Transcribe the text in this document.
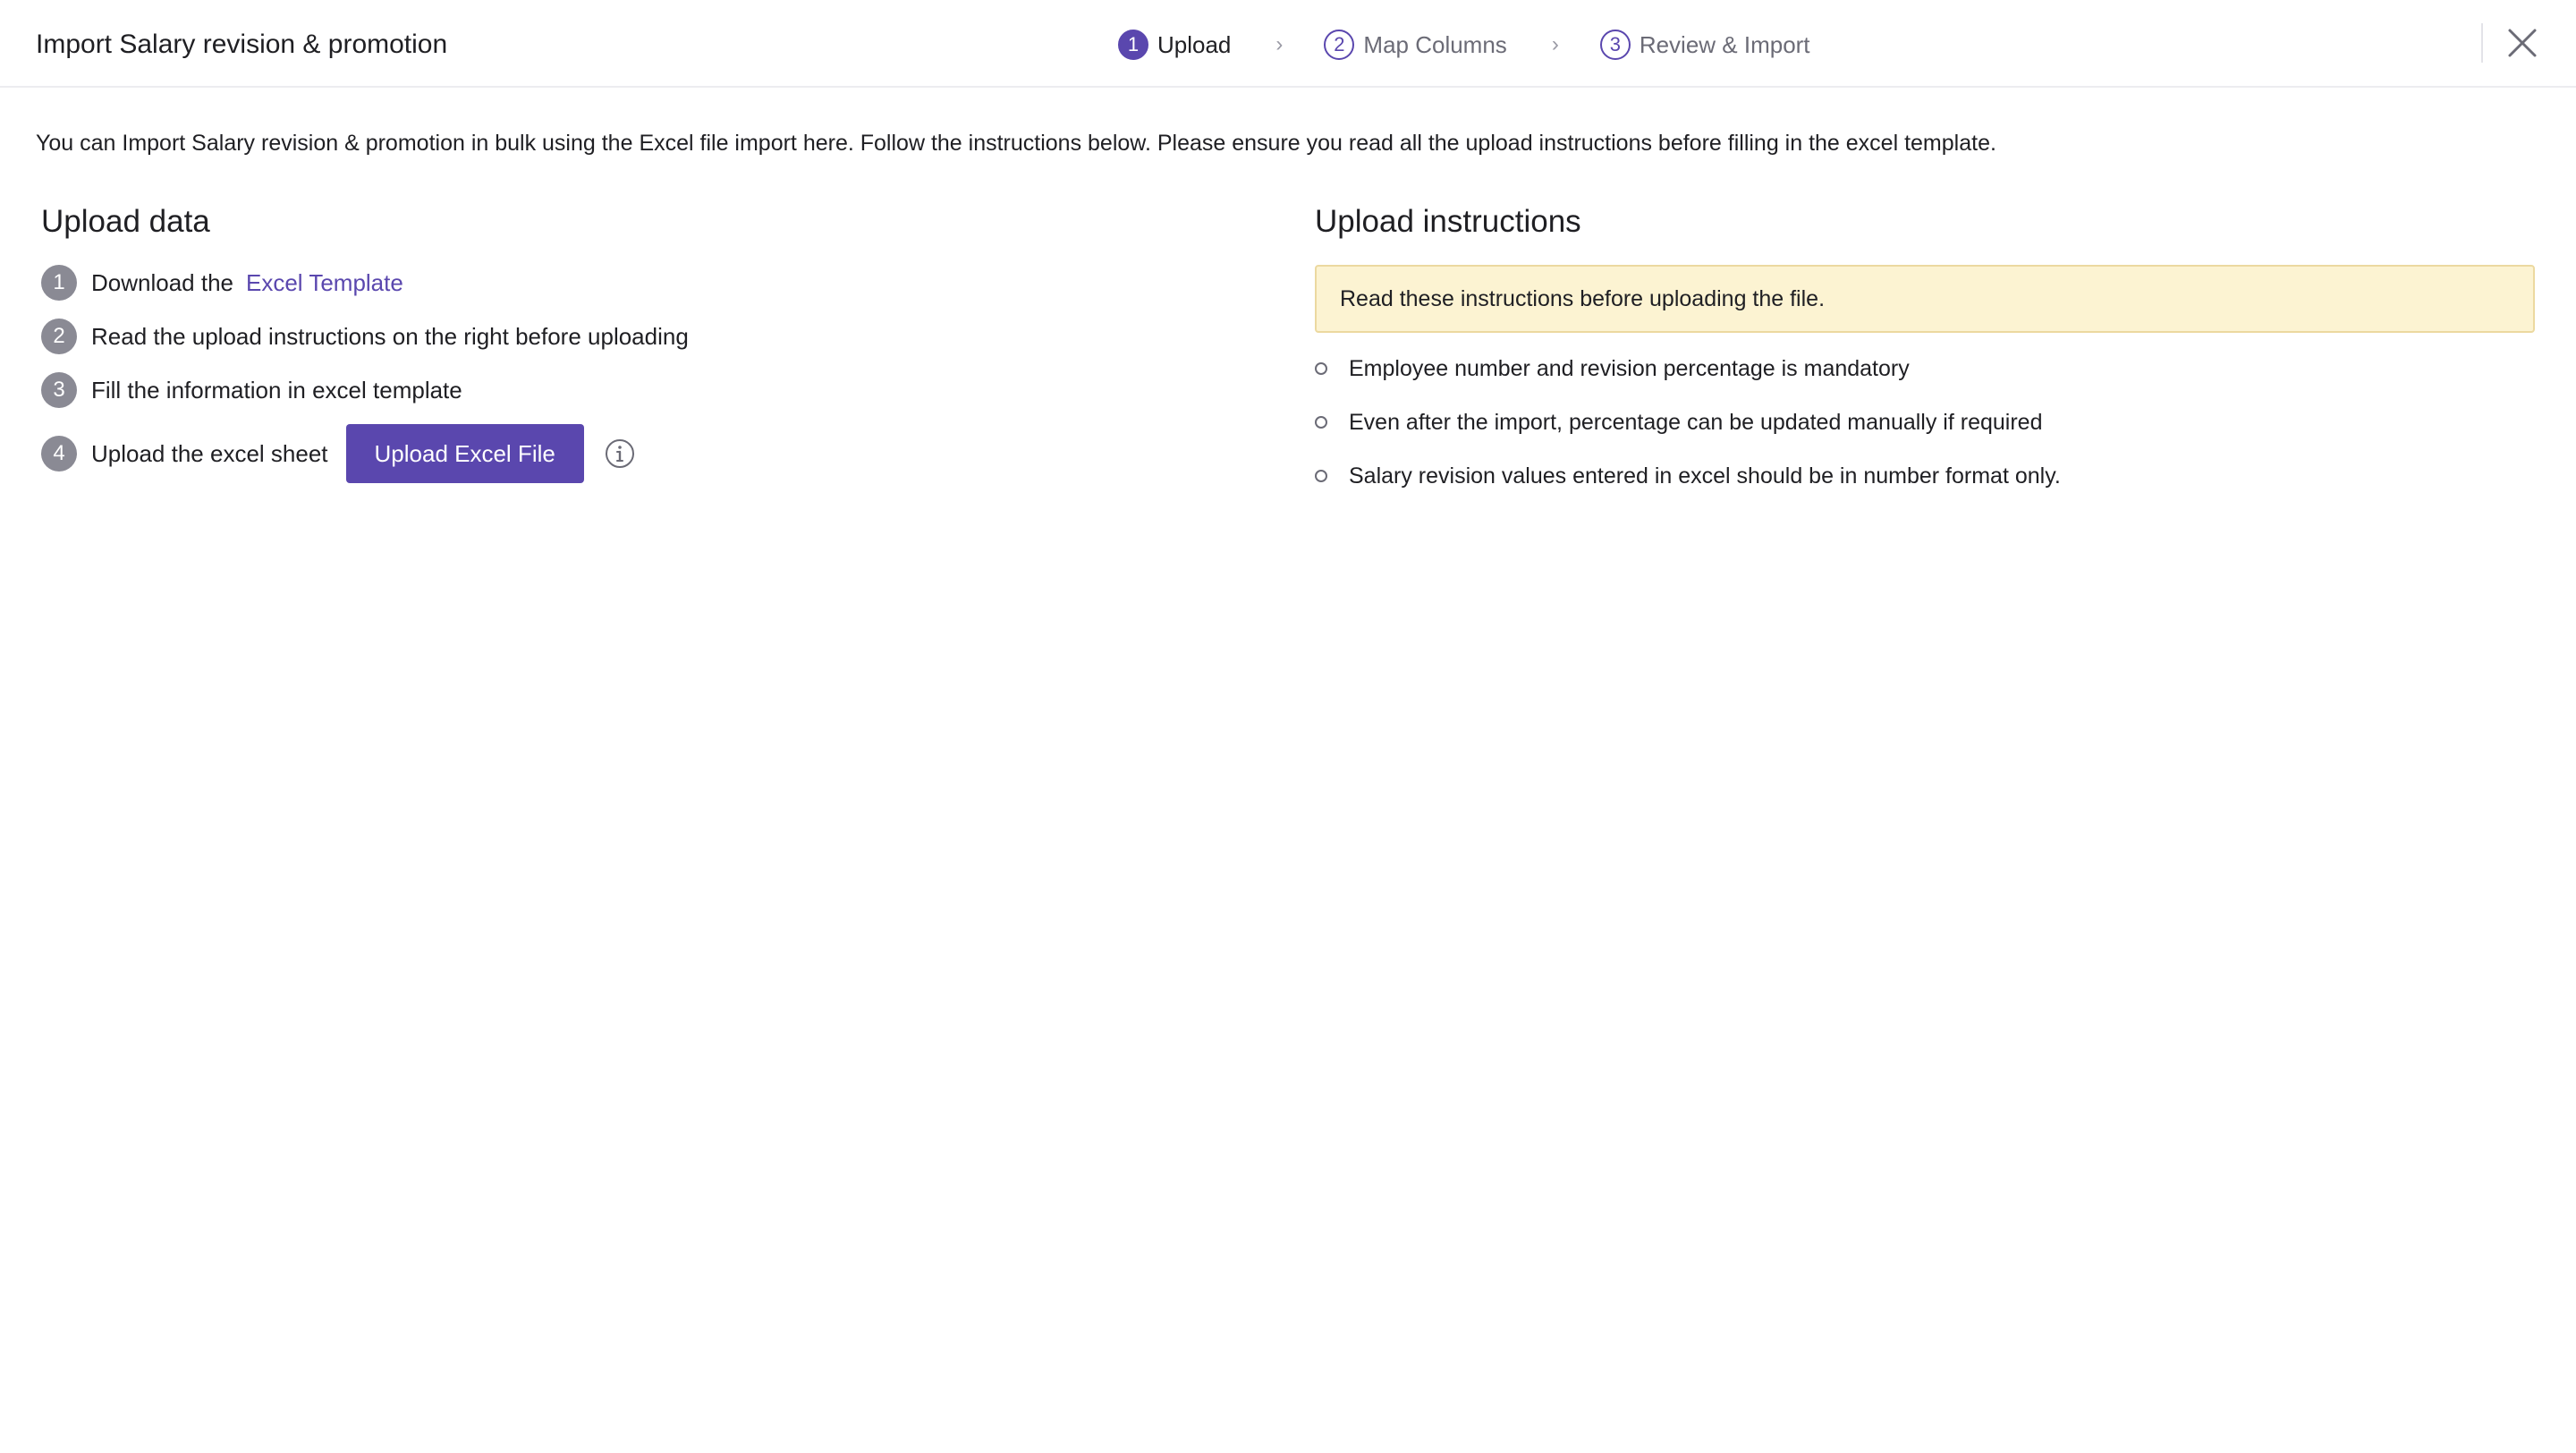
Import Salary revision & promotion	1 Upload	›	2 Map Columns	›	3 Review & Import
You can Import Salary revision & promotion in bulk using the Excel file import here. Follow the instructions below. Please ensure you read all the upload instructions before filling in the excel template.
Upload data
1	Download the Excel Template
2	Read the upload instructions on the right before uploading
3	Fill the information in excel template
4	Upload the excel sheet	Upload Excel File
Upload instructions
Read these instructions before uploading the file.
Employee number and revision percentage is mandatory
Even after the import, percentage can be updated manually if required
Salary revision values entered in excel should be in number format only.
